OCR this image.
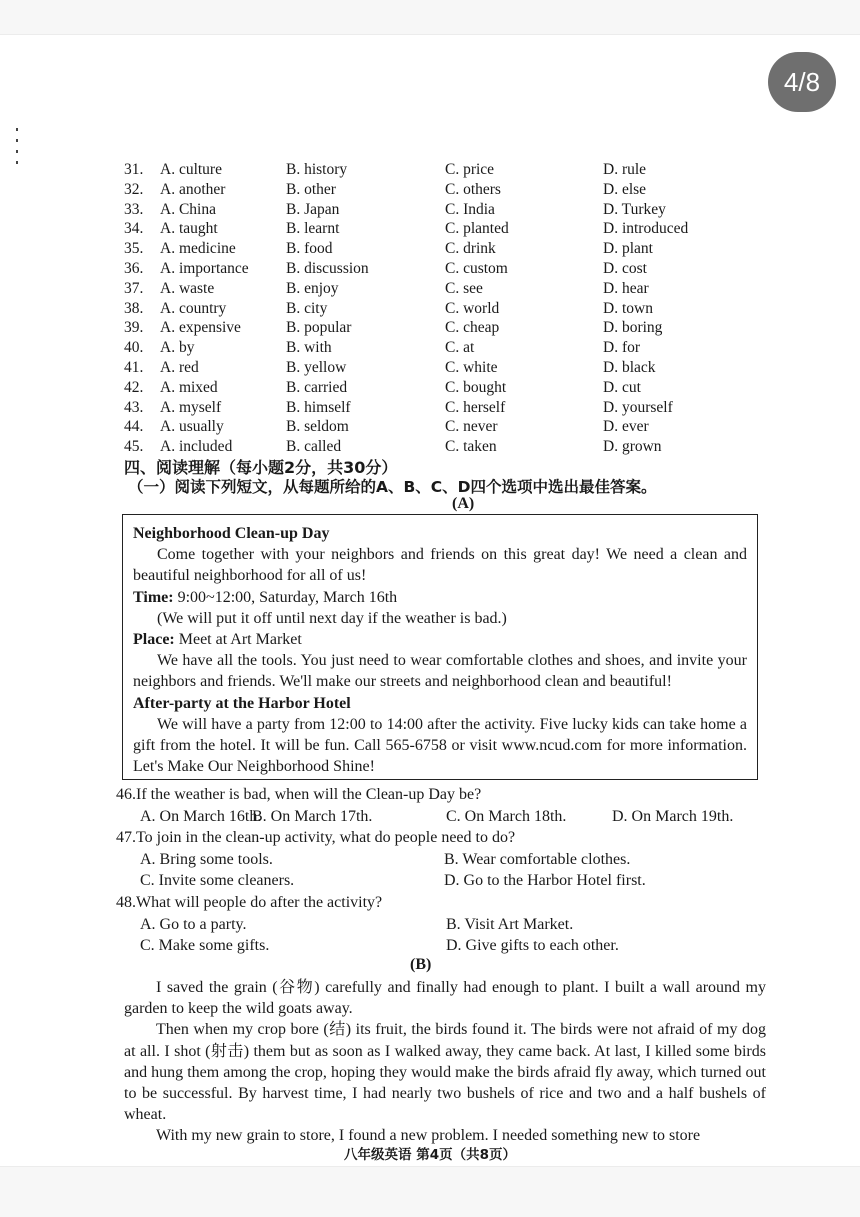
4/8
31. A. culture	B. history	C. price	D. rule
32. A. another	B. other	C. others	D. else
33. A. China	B. Japan	C. India	D. Turkey
34. A. taught	B. learnt	C. planted	D. introduced
35. A. medicine	B. food	C. drink	D. plant
36. A. importance B. discussion	C. custom	D. cost
37. A. waste	B. enjoy	C. see	D. hear
38. A. country	B. city	C. world	D. town
39. A. expensive	B. popular	C. cheap	D. boring
40. A. by	B. with	C. at	D. for
41. A. red	B. yellow	C. white	D. black
42. A. mixed	B. carried	C. bought	D. cut
43. A. myself	B. himself	C. herself	D. yourself
44. A. usually	B. seldom	C. never	D. ever
45. A. included	B. called	C. taken	D. grown
四、阅读理解（每小题2分，共30分）
（一）阅读下列短文，从每题所给的A、B、C、D四个选项中选出最佳答案。
(A)

Neighborhood Clean-up Day

Come together with your neighbors and friends on this great day! We need a clean and beautiful neighborhood for all of us!

Time: 9:00~12:00, Saturday, March 16th

(We will put it off until next day if the weather is bad.)

Place: Meet at Art Market

We have all the tools. You just need to wear comfortable clothes and shoes, and invite your neighbors and friends. We'll make our streets and neighborhood clean and beautiful!

After-party at the Harbor Hotel

We will have a party from 12:00 to 14:00 after the activity. Five lucky kids can take home a gift from the hotel. It will be fun. Call 565-6758 or visit www.ncud.com for more information. Let's Make Our Neighborhood Shine!

46.If the weather is bad, when will the Clean-up Day be?
A. On March 16th.
B. On March 17th.	C. On March 18th.	D. On March 19th.
47.To join in the clean-up activity, what do people need to do?
A. Bring some tools.	B. Wear comfortable clothes.
C. Invite some cleaners.	D. Go to the Harbor Hotel first.
48.What will people do after the activity?
A. Go to a party.	B. Visit Art Market.
C. Make some gifts.	D. Give gifts to each other.
(B)

I saved the grain (谷物) carefully and finally had enough to plant. I built a wall around my garden to keep the wild goats away.

Then when my crop bore (结) its fruit, the birds found it. The birds were not afraid of my dog at all. I shot (射击) them but as soon as I walked away, they came back. At last, I killed some birds and hung them among the crop, hoping they would make the birds afraid fly away, which turned out to be successful. By harvest time, I had nearly two bushels of rice and two and a half bushels of wheat.

With my new grain to store, I found a new problem. I needed something new to store

八年级英语 第4页（共8页）
